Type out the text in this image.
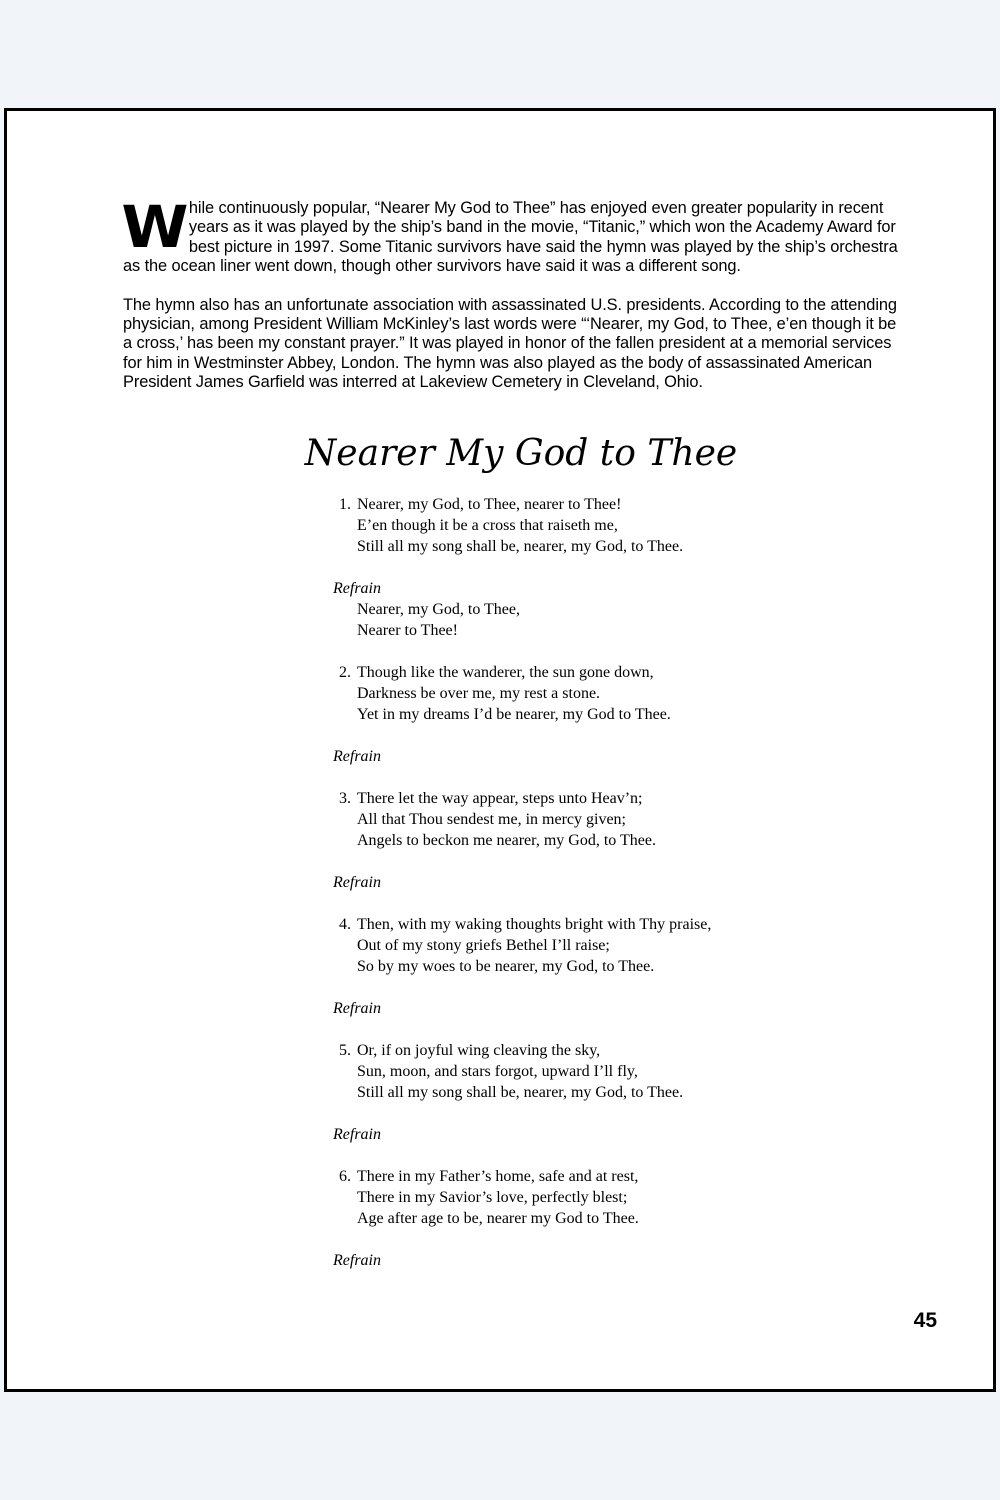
While continuously popular, “Nearer My God to Thee” has enjoyed even greater popularity in recent years as it was played by the ship’s band in the movie, “Titanic,” which won the Academy Award for best picture in 1997. Some Titanic survivors have said the hymn was played by the ship’s orchestra as the ocean liner went down, though other survivors have said it was a different song.

The hymn also has an unfortunate association with assassinated U.S. presidents. According to the attending physician, among President William McKinley’s last words were “‘Nearer, my God, to Thee, e’en though it be a cross,’ has been my constant prayer.” It was played in honor of the fallen president at a memorial services for him in Westminster Abbey, London. The hymn was also played as the body of assassinated American President James Garfield was interred at Lakeview Cemetery in Cleveland, Ohio.

Nearer My God to Thee
1. Nearer, my God, to Thee, nearer to Thee!
E’en though it be a cross that raiseth me,
Still all my song shall be, nearer, my God, to Thee.
Refrain
Nearer, my God, to Thee,
Nearer to Thee!
2. Though like the wanderer, the sun gone down,
Darkness be over me, my rest a stone.
Yet in my dreams I’d be nearer, my God to Thee.
Refrain
3. There let the way appear, steps unto Heav’n;
All that Thou sendest me, in mercy given;
Angels to beckon me nearer, my God, to Thee.
Refrain
4. Then, with my waking thoughts bright with Thy praise,
Out of my stony griefs Bethel I’ll raise;
So by my woes to be nearer, my God, to Thee.
Refrain
5. Or, if on joyful wing cleaving the sky,
Sun, moon, and stars forgot, upward I’ll fly,
Still all my song shall be, nearer, my God, to Thee.
Refrain
6. There in my Father’s home, safe and at rest,
There in my Savior’s love, perfectly blest;
Age after age to be, nearer my God to Thee.
Refrain
45
